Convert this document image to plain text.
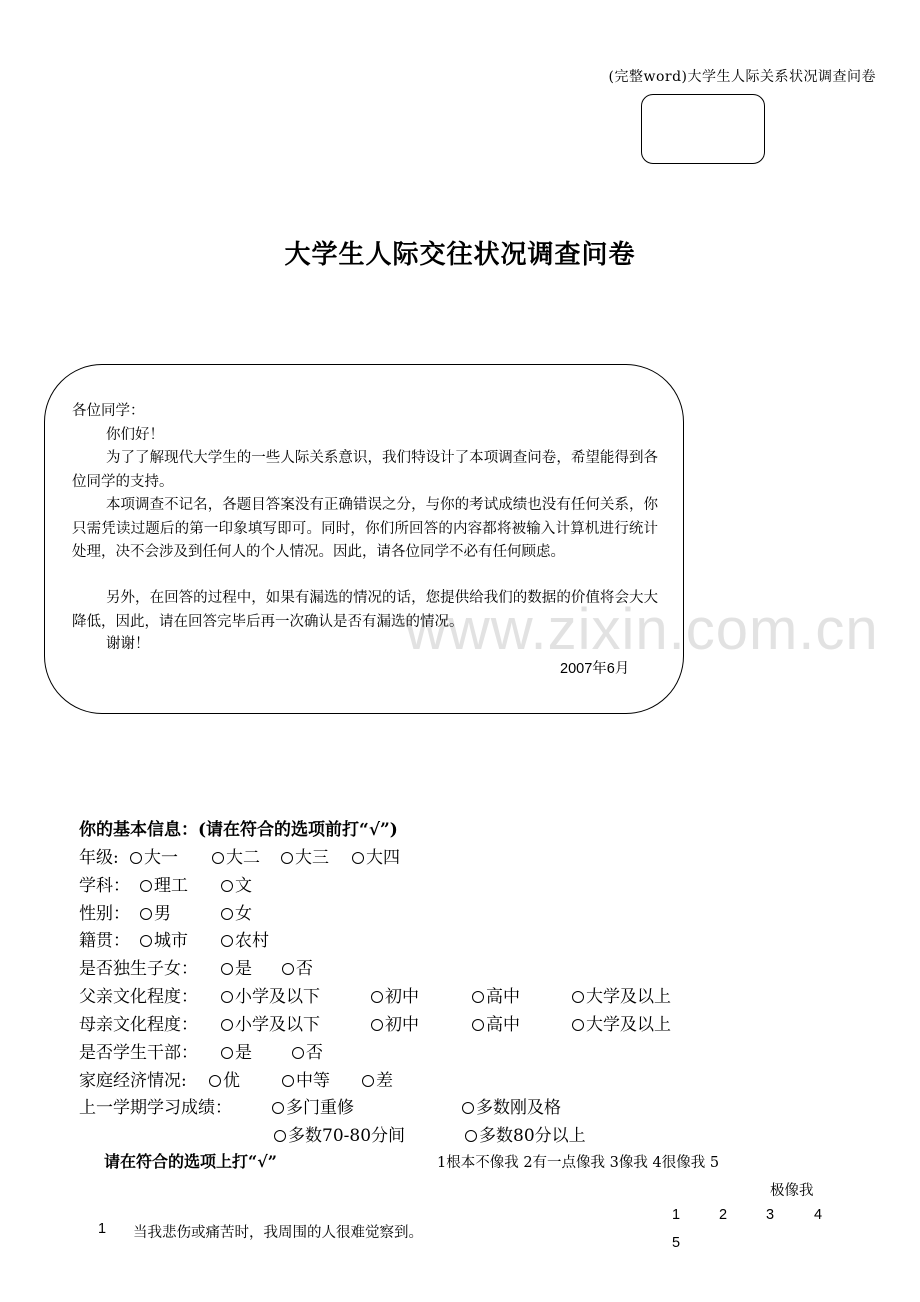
(完整word)大学生人际关系状况调查问卷
大学生人际交往状况调查问卷
www.zixin.com.cn
各位同学：
你们好！
为了了解现代大学生的一些人际关系意识，我们特设计了本项调查问卷，希望能得到各位同学的支持。
本项调查不记名，各题目答案没有正确错误之分，与你的考试成绩也没有任何关系，你只需凭读过题后的第一印象填写即可。同时，你们所回答的内容都将被输入计算机进行统计处理，决不会涉及到任何人的个人情况。因此，请各位同学不必有任何顾虑。
另外，在回答的过程中，如果有漏选的情况的话，您提供给我们的数据的价值将会大大降低，因此，请在回答完毕后再一次确认是否有漏选的情况。
谢谢！
2007年6月
你的基本信息：(请在符合的选项前打“√”)
年级:	大一	大二	大三	大四
学科：	理工	文
性别：	男	女
籍贯：	城市	农村
是否独生子女：	是	否
父亲文化程度：	小学及以下	初中	高中	大学及以上
母亲文化程度：	小学及以下	初中	高中	大学及以上
是否学生干部：	是	否
家庭经济情况:	优	中等	差
上一学期学习成绩：	多门重修	多数刚及格
多数70-80分间	多数80分以上
请在符合的选项上打“√”	1根本不像我 2有一点像我 3像我 4很像我 5
极像我
1 当我悲伤或痛苦时，我周围的人很难觉察到。
1	2	3	4
5
